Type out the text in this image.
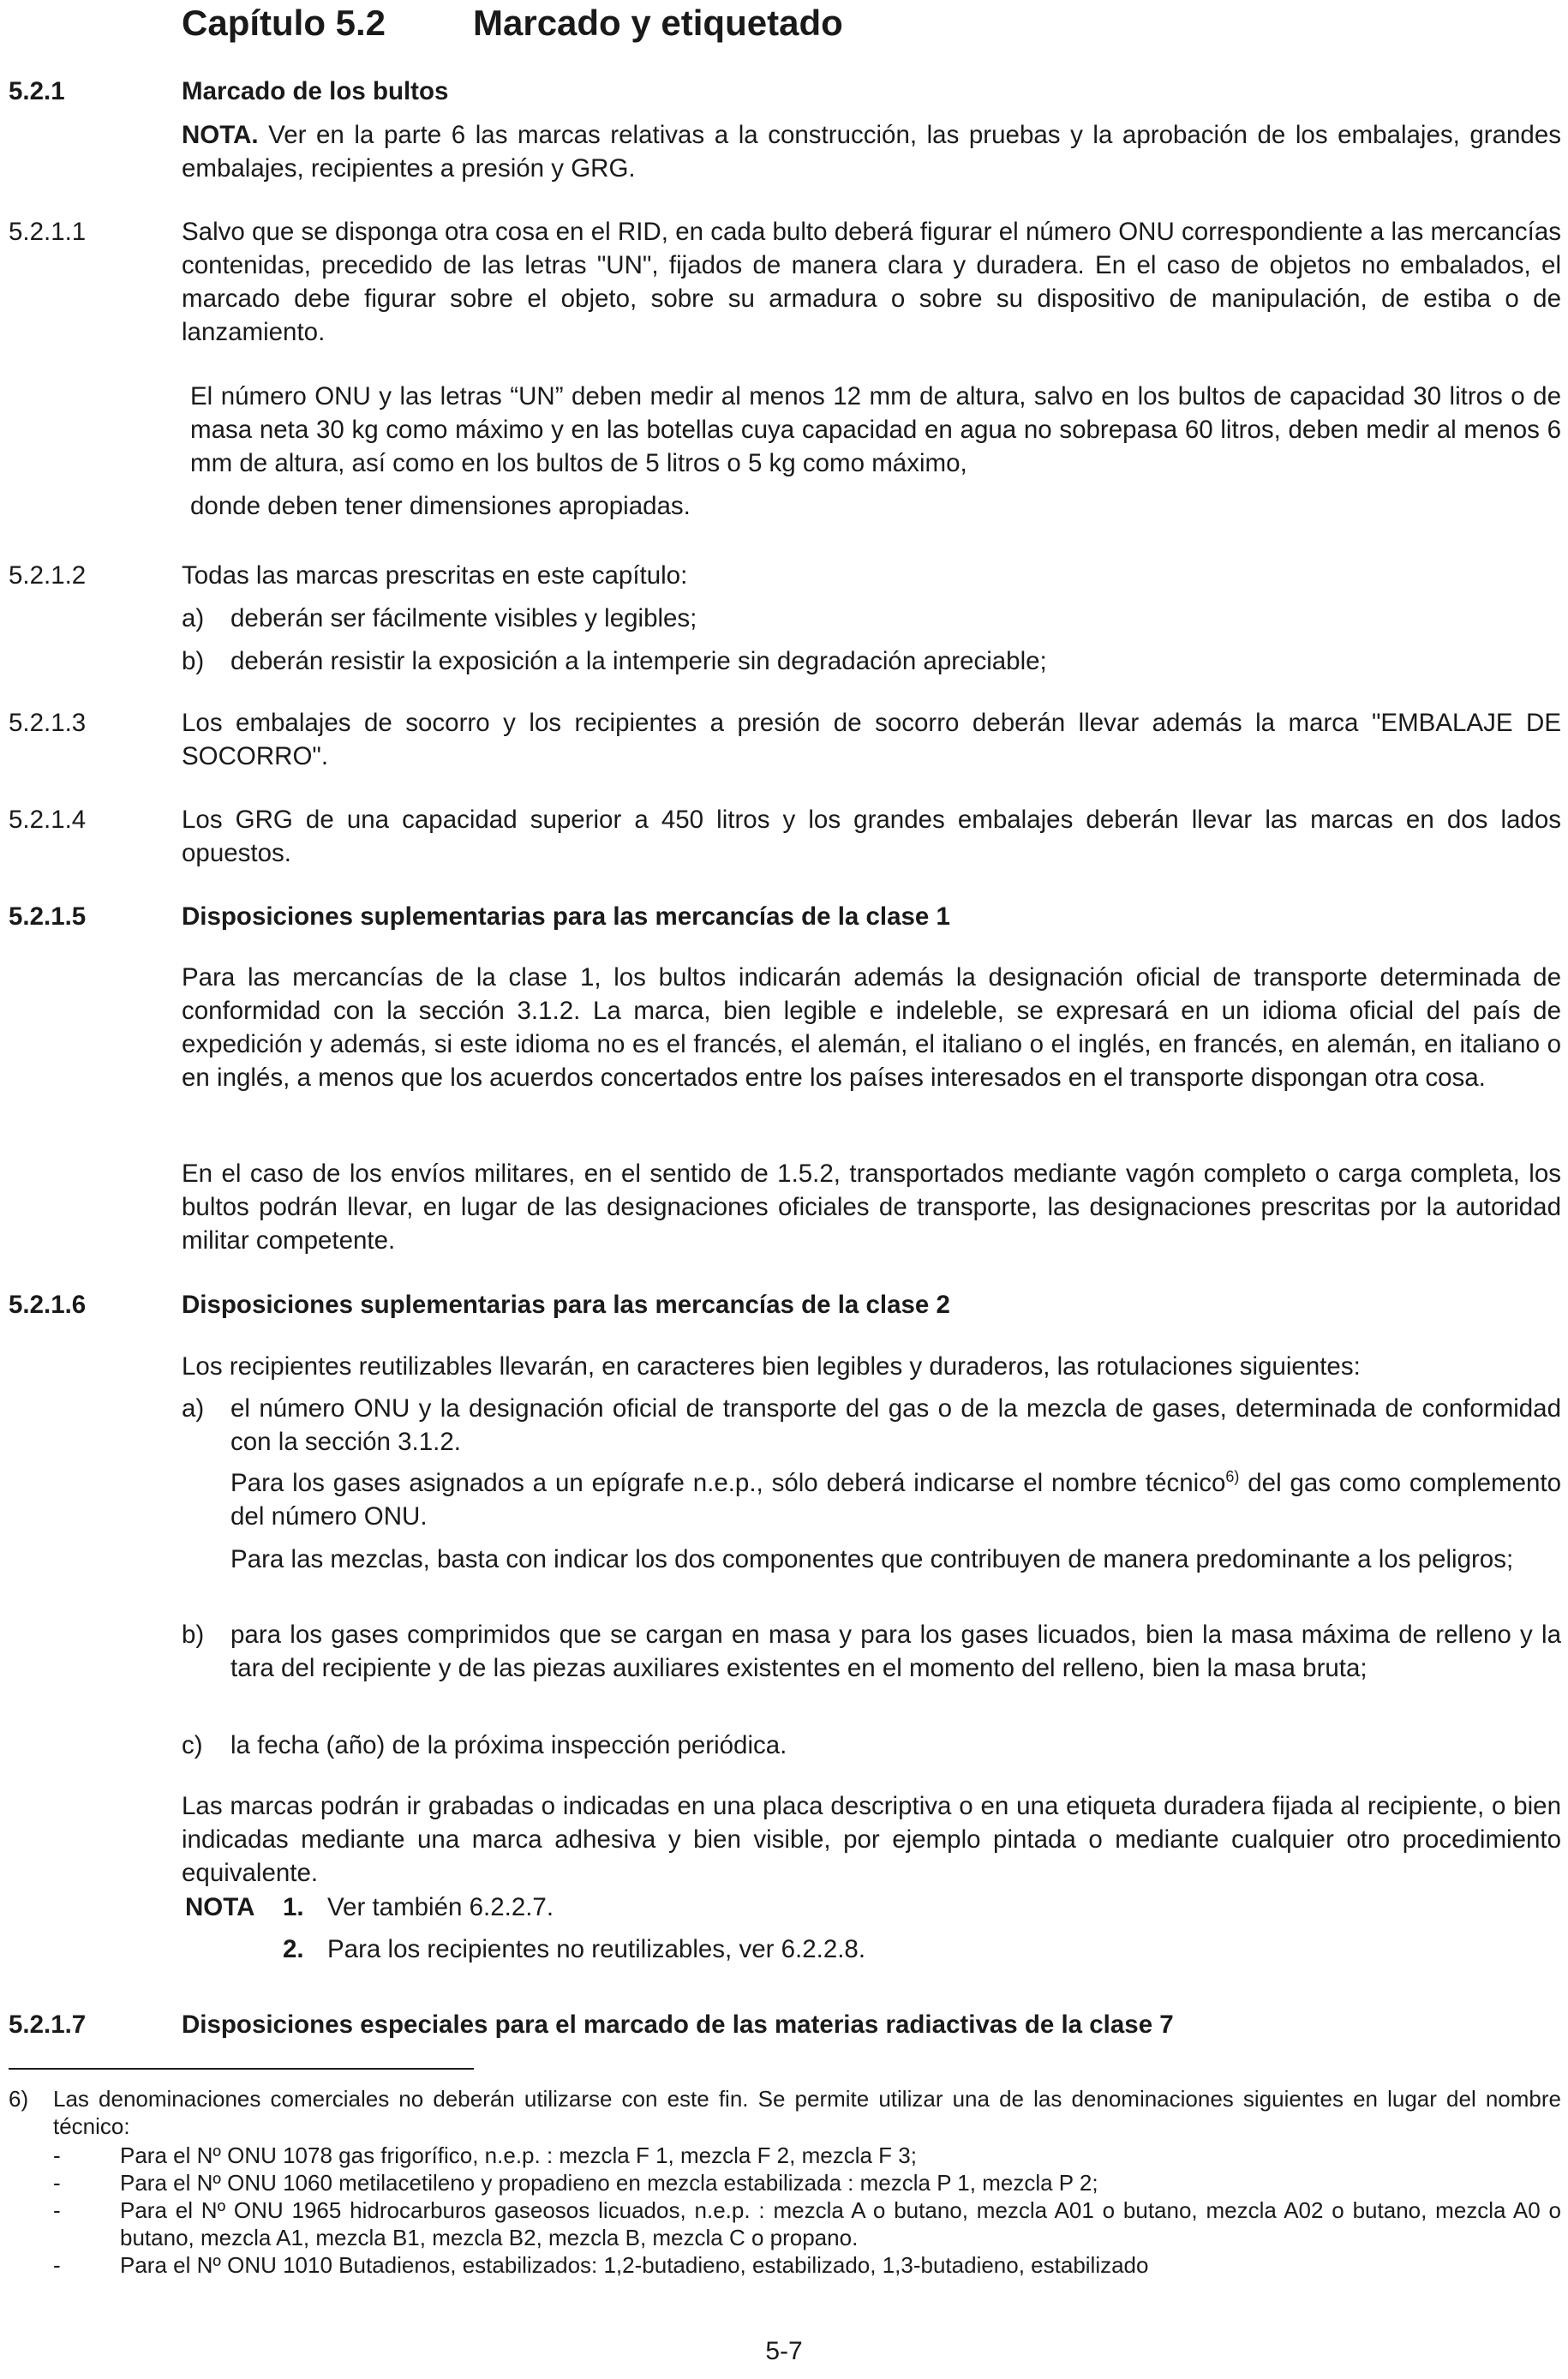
Capítulo 5.2 Marcado y etiquetado
5.2.1	Marcado de los bultos
NOTA. Ver en la parte 6 las marcas relativas a la construcción, las pruebas y la aprobación de los embalajes, grandes embalajes, recipientes a presión y GRG.
5.2.1.1	Salvo que se disponga otra cosa en el RID, en cada bulto deberá figurar el número ONU correspondiente a las mercancías contenidas, precedido de las letras "UN", fijados de manera clara y duradera. En el caso de objetos no embalados, el marcado debe figurar sobre el objeto, sobre su armadura o sobre su dispositivo de manipulación, de estiba o de lanzamiento.
El número ONU y las letras “UN” deben medir al menos 12 mm de altura, salvo en los bultos de capacidad 30 litros o de masa neta 30 kg como máximo y en las botellas cuya capacidad en agua no sobrepasa 60 litros, deben medir al menos 6 mm de altura, así como en los bultos de 5 litros o 5 kg como máximo,
donde deben tener dimensiones apropiadas.
5.2.1.2	Todas las marcas prescritas en este capítulo:
a)	deberán ser fácilmente visibles y legibles;
b)	deberán resistir la exposición a la intemperie sin degradación apreciable;
5.2.1.3	Los embalajes de socorro y los recipientes a presión de socorro deberán llevar además la marca "EMBALAJE DE SOCORRO".
5.2.1.4	Los GRG de una capacidad superior a 450 litros y los grandes embalajes deberán llevar las marcas en dos lados opuestos.
5.2.1.5	Disposiciones suplementarias para las mercancías de la clase 1
Para las mercancías de la clase 1, los bultos indicarán además la designación oficial de transporte determinada de conformidad con la sección 3.1.2. La marca, bien legible e indeleble, se expresará en un idioma oficial del país de expedición y además, si este idioma no es el francés, el alemán, el italiano o el inglés, en francés, en alemán, en italiano o en inglés, a menos que los acuerdos concertados entre los países interesados en el transporte dispongan otra cosa.
En el caso de los envíos militares, en el sentido de 1.5.2, transportados mediante vagón completo o carga completa, los bultos podrán llevar, en lugar de las designaciones oficiales de transporte, las designaciones prescritas por la autoridad militar competente.
5.2.1.6	Disposiciones suplementarias para las mercancías de la clase 2
Los recipientes reutilizables llevarán, en caracteres bien legibles y duraderos, las rotulaciones siguientes:
a)	el número ONU y la designación oficial de transporte del gas o de la mezcla de gases, determinada de conformidad con la sección 3.1.2.
Para los gases asignados a un epígrafe n.e.p., sólo deberá indicarse el nombre técnico$^{6)}$ del gas como complemento del número ONU.
Para las mezclas, basta con indicar los dos componentes que contribuyen de manera predominante a los peligros;
b)	para los gases comprimidos que se cargan en masa y para los gases licuados, bien la masa máxima de relleno y la tara del recipiente y de las piezas auxiliares existentes en el momento del relleno, bien la masa bruta;
c)	la fecha (año) de la próxima inspección periódica.
Las marcas podrán ir grabadas o indicadas en una placa descriptiva o en una etiqueta duradera fijada al recipiente, o bien indicadas mediante una marca adhesiva y bien visible, por ejemplo pintada o mediante cualquier otro procedimiento equivalente.
NOTA 1. Ver también 6.2.2.7.
2. Para los recipientes no reutilizables, ver 6.2.2.8.
5.2.1.7	Disposiciones especiales para el marcado de las materias radiactivas de la clase 7
6) Las denominaciones comerciales no deberán utilizarse con este fin. Se permite utilizar una de las denominaciones siguientes en lugar del nombre técnico:
-	Para el Nº ONU 1078 gas frigorífico, n.e.p. : mezcla F 1, mezcla F 2, mezcla F 3;
-	Para el Nº ONU 1060 metilacetileno y propadieno en mezcla estabilizada : mezcla P 1, mezcla P 2;
-	Para el Nº ONU 1965 hidrocarburos gaseosos licuados, n.e.p. : mezcla A o butano, mezcla A01 o butano, mezcla A02 o butano, mezcla A0 o butano, mezcla A1, mezcla B1, mezcla B2, mezcla B, mezcla C o propano.
-	Para el Nº ONU 1010 Butadienos, estabilizados: 1,2-butadieno, estabilizado, 1,3-butadieno, estabilizado
5-7
